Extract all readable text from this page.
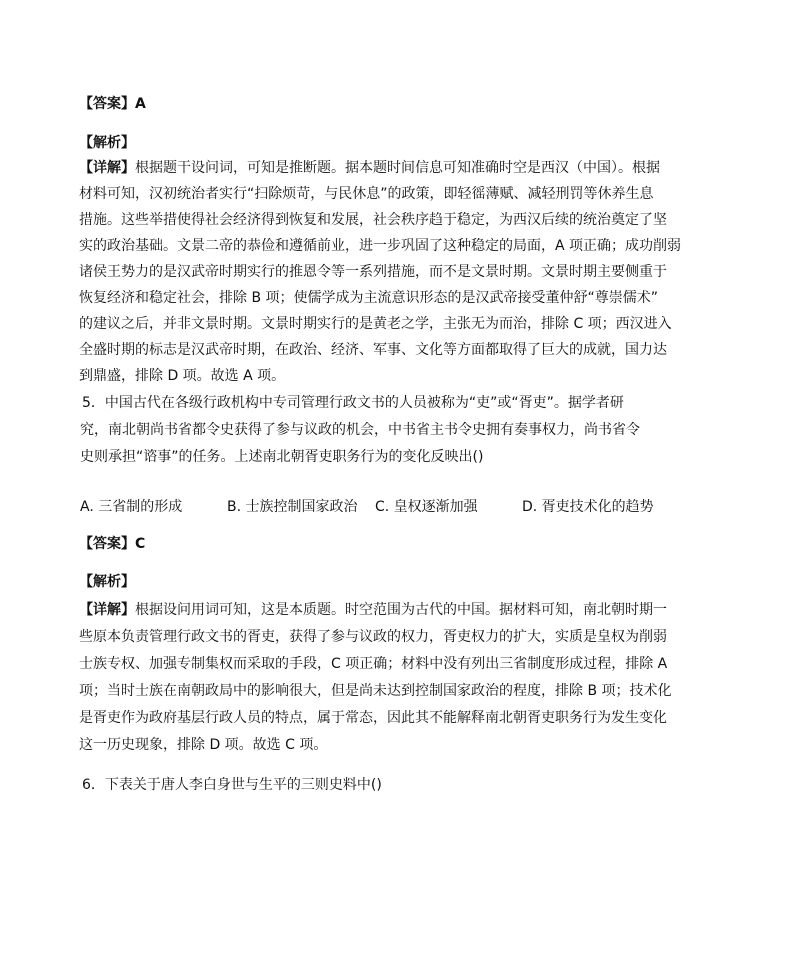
【答案】A
【解析】
【详解】根据题干设问词，可知是推断题。据本题时间信息可知准确时空是西汉（中国）。根据
材料可知，汉初统治者实行“扫除烦苛，与民休息”的政策，即轻徭薄赋、减轻刑罚等休养生息
措施。这些举措使得社会经济得到恢复和发展，社会秩序趋于稳定，为西汉后续的统治奠定了坚
实的政治基础。文景二帝的恭俭和遵循前业，进一步巩固了这种稳定的局面，A 项正确；成功削弱
诸侯王势力的是汉武帝时期实行的推恩令等一系列措施，而不是文景时期。文景时期主要侧重于
恢复经济和稳定社会，排除 B 项；使儒学成为主流意识形态的是汉武帝接受董仲舒“尊崇儒术”
的建议之后，并非文景时期。文景时期实行的是黄老之学，主张无为而治，排除 C 项；西汉进入
全盛时期的标志是汉武帝时期，在政治、经济、军事、文化等方面都取得了巨大的成就，国力达
到鼎盛，排除 D 项。故选 A 项。
5．中国古代在各级行政机构中专司管理行政文书的人员被称为“吏”或“胥吏”。据学者研
究，南北朝尚书省都令史获得了参与议政的机会，中书省主书令史拥有奏事权力，尚书省令
史则承担“谘事”的任务。上述南北朝胥吏职务行为的变化反映出()
A. 三省制的形成	B. 士族控制国家政治 C. 皇权逐渐加强	D. 胥吏技术化的趋势
【答案】C
【解析】
【详解】根据设问用词可知，这是本质题。时空范围为古代的中国。据材料可知，南北朝时期一
些原本负责管理行政文书的胥吏，获得了参与议政的权力，胥吏权力的扩大，实质是皇权为削弱
士族专权、加强专制集权而采取的手段，C 项正确；材料中没有列出三省制度形成过程，排除 A
项；当时士族在南朝政局中的影响很大，但是尚未达到控制国家政治的程度，排除 B 项；技术化
是胥吏作为政府基层行政人员的特点，属于常态，因此其不能解释南北朝胥吏职务行为发生变化
这一历史现象，排除 D 项。故选 C 项。
6．下表关于唐人李白身世与生平的三则史料中()
